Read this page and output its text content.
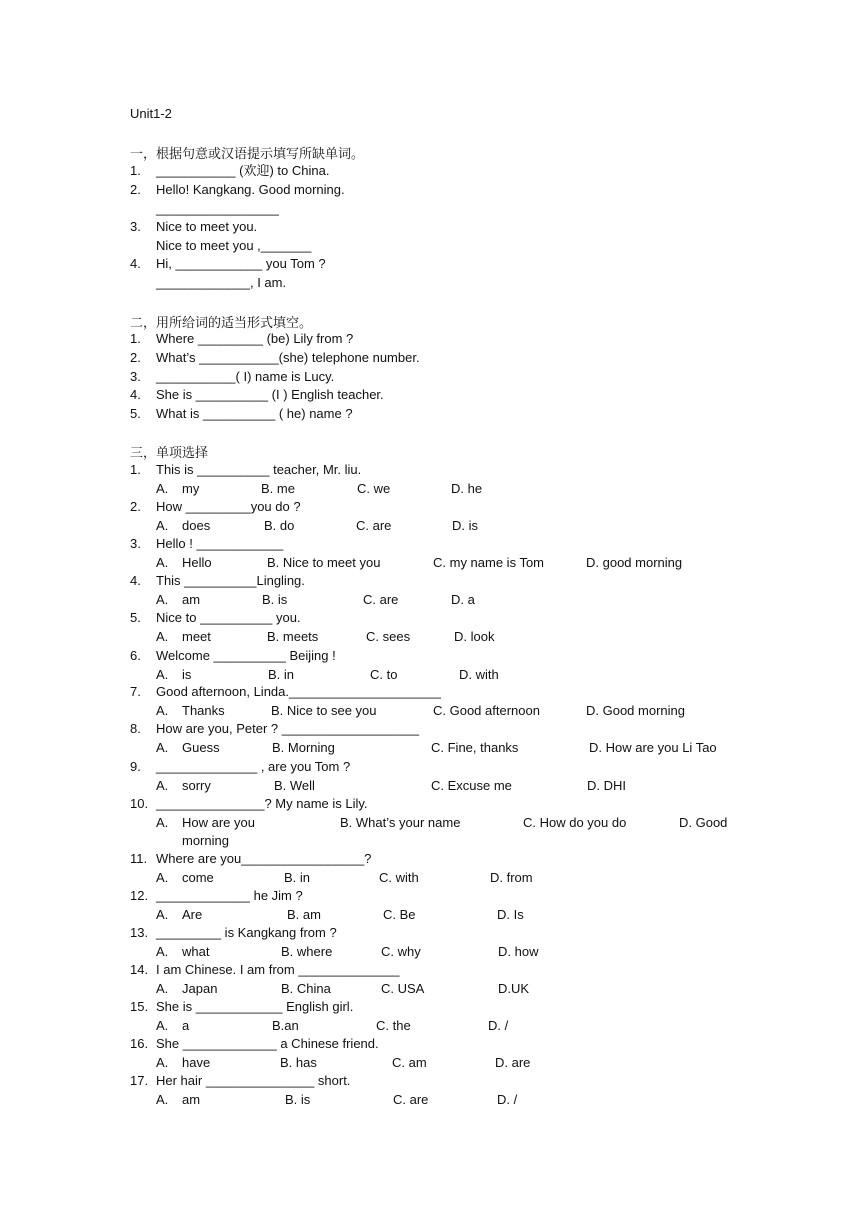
Unit1-2
一，根据句意或汉语提示填写所缺单词。
二，用所给词的适当形式填空。
三，单项选择
1. ___________ (欢迎) to China.
2. Hello! Kangkang. Good morning.
_________________
3. Nice to meet you.
Nice to meet you ,_______
4. Hi, ____________ you Tom ?
_____________, I am.
1. Where _________ (be) Lily from ?
2. What’s ___________(she) telephone number.
3. ___________( I) name is Lucy.
4. She is __________ (I ) English teacher.
5. What is __________ ( he) name ?
1. This is __________ teacher, Mr. liu.
A. my	B. me	C. we	D. he
2. How _________you do ?
A. does	B. do	C. are	D. is
3. Hello ! ____________
A. Hello	B. Nice to meet you	C. my name is Tom	D. good morning
4. This __________Lingling.
A. am	B. is	C. are	D. a
5. Nice to __________ you.
A. meet	B. meets	C. sees	D. look
6. Welcome __________ Beijing !
A. is	B. in	C. to	D. with
7. Good afternoon, Linda._____________________
A. Thanks	B. Nice to see you	C. Good afternoon	D. Good morning
8. How are you, Peter ? ___________________
A. Guess	B. Morning	C. Fine, thanks	D. How are you Li Tao
9. ______________ , are you Tom ?
A. sorry	B. Well	C. Excuse me	D. DHI
10. _______________? My name is Lily.
A. How are you	B. What’s your name	C. How do you do	D. Good
morning
11. Where are you_________________?
A. come	B. in	C. with	D. from
12. _____________ he Jim ?
A. Are	B. am	C. Be	D. Is
13. _________ is Kangkang from ?
A. what	B. where	C. why	D. how
14. I am Chinese. I am from ______________
A. Japan	B. China	C. USA	D.UK
15. She is ____________ English girl.
A. a	B.an	C. the	D. /
16. She _____________ a Chinese friend.
A. have	B. has	C. am	D. are
17. Her hair _______________ short.
A. am	B. is	C. are	D. /
